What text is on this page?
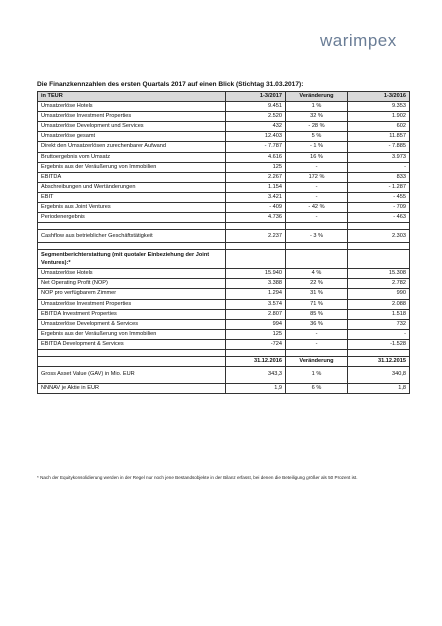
warimpex
Die Finanzkennzahlen des ersten Quartals 2017 auf einen Blick (Stichtag 31.03.2017):
in TEUR	1-3/2017	Veränderung	1-3/2016
Umsatzerlöse Hotels	9.451	1 %	9.353
Umsatzerlöse Investment Properties	2.520	32 %	1.902
Umsatzerlöse Development und Services	432	- 28 %	602
Umsatzerlöse gesamt	12.403	5 %	11.857
Direkt den Umsatzerlösen zurechenbarer Aufwand	- 7.787	- 1 %	- 7.885
Bruttoergebnis vom Umsatz	4.616	16 %	3.973
Ergebnis aus der Veräußerung von Immobilien	125	-	-
EBITDA	2.267	172 %	833
Abschreibungen und Wertänderungen	1.154	-	- 1.287
EBIT	3.421	-	- 455
Ergebnis aus Joint Ventures	- 409	- 42 %	- 709
Periodenergebnis	4.736	-	- 463

Cashflow aus betrieblicher Geschäftstätigkeit	2.237	- 3 %	2.303

Segmentberichterstattung (mit quotaler Einbeziehung der Joint Ventures):*			
Umsatzerlöse Hotels	15.940	4 %	15.308
Net Operating Profit (NOP)	3.388	22 %	2.782
NOP pro verfügbarem Zimmer	1.294	31 %	990
Umsatzerlöse Investment Properties	3.574	71 %	2.088
EBITDA Investment Properties	2.807	85 %	1.518
Umsatzerlöse Development & Services	994	36 %	732
Ergebnis aus der Veräußerung von Immobilien	125	-	-
EBITDA Development & Services	-724	-	-1.528

	31.12.2016	Veränderung	31.12.2015
Gross Asset Value (GAV) in Mio. EUR	343,3	1 %	340,8
NNNAV je Aktie in EUR	1,9	6 %	1,8
* Nach der Equitykonsolidierung werden in der Regel nur noch jene Bestandsobjekte in der Bilanz erfasst, bei denen die Beteiligung größer als 50 Prozent ist.
